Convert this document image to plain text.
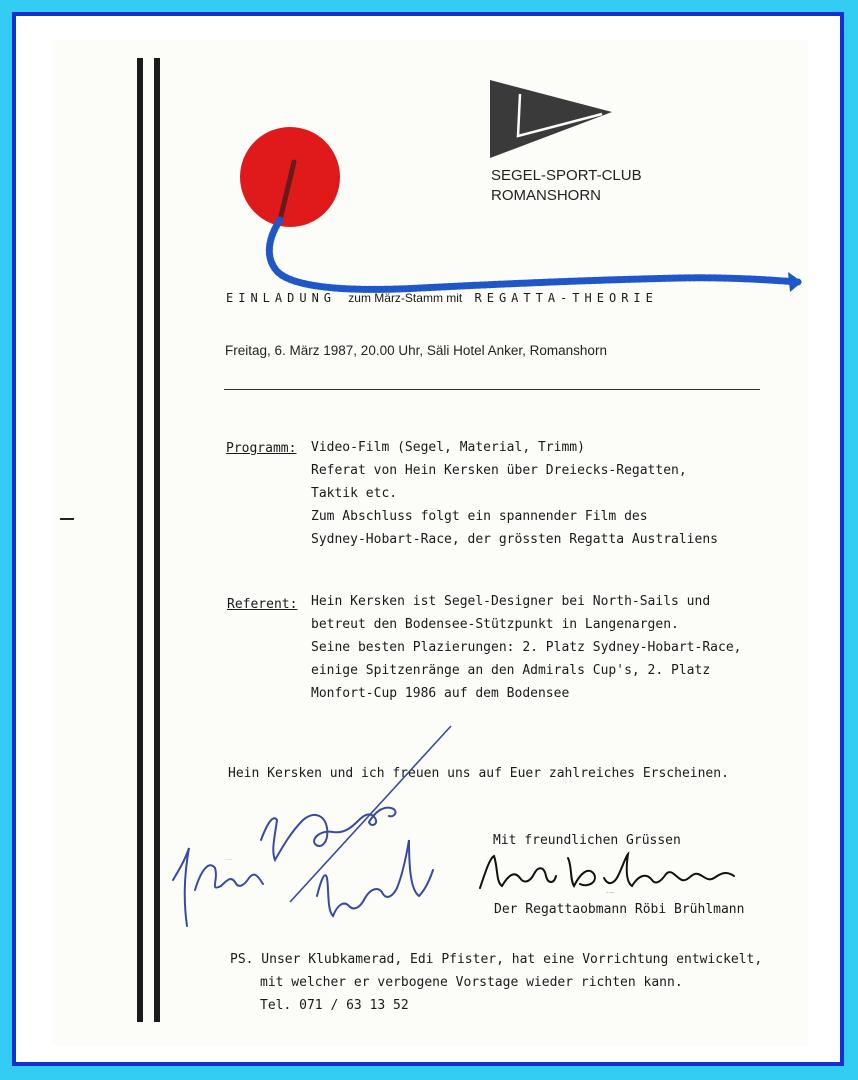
SEGEL-SPORT-CLUB
ROMANSHORN
EINLADUNG zum März-Stamm mit REGATTA-THEORIE
Freitag, 6. März 1987, 20.00 Uhr, Säli Hotel Anker, Romanshorn
Programm: Video-Film (Segel, Material, Trimm)
Referat von Hein Kersken über Dreiecks-Regatten,
Taktik etc.
Zum Abschluss folgt ein spannender Film des
Sydney-Hobart-Race, der grössten Regatta Australiens
Referent: Hein Kersken ist Segel-Designer bei North-Sails und
betreut den Bodensee-Stützpunkt in Langenargen.
Seine besten Plazierungen: 2. Platz Sydney-Hobart-Race,
einige Spitzenränge an den Admirals Cup's, 2. Platz
Monfort-Cup 1986 auf dem Bodensee
Hein Kersken und ich freuen uns auf Euer zahlreiches Erscheinen.
Mit freundlichen Grüssen
Röbi Brühlmann
Der Regattaobmann Röbi Brühlmann
Hein Kersken
PS. Unser Klubkamerad, Edi Pfister, hat eine Vorrichtung entwickelt,
mit welcher er verbogene Vorstage wieder richten kann.
Tel. 071 / 63 13 52
